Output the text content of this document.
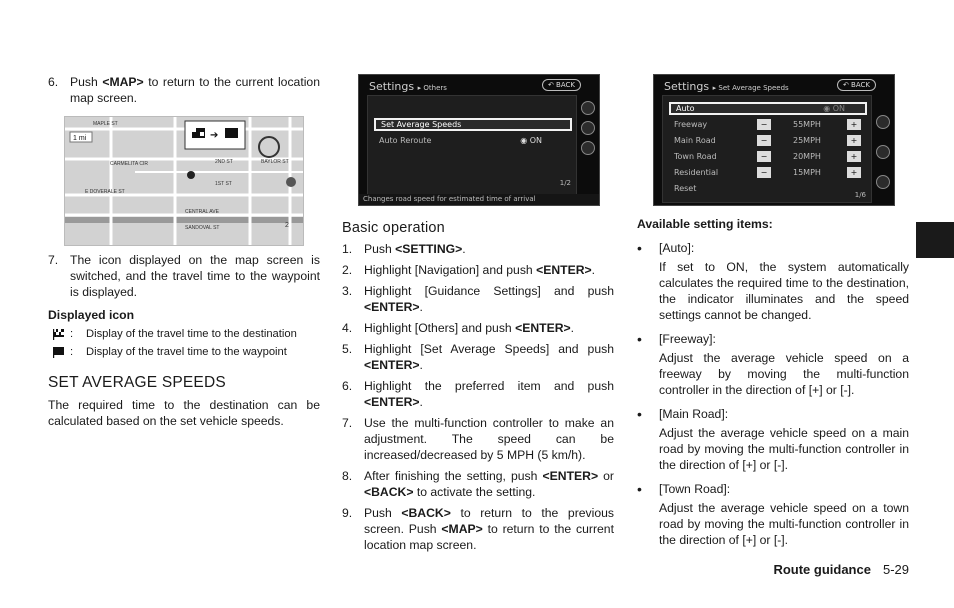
6. Push <MAP> to return to the current location map screen.
➔
1 mi
MAPLE ST
CARMELITA CIR	2ND ST	BAYLOR ST
E DOVERALE ST
CENTRAL AVE
SANDOVAL ST
1ST ST
2
7. The icon displayed on the map screen is switched, and the travel time to the waypoint is displayed.
Displayed icon
:	Display of the travel time to the destination
:	Display of the travel time to the waypoint
SET AVERAGE SPEEDS
The required time to the destination can be calculated based on the set vehicle speeds.
Settings ▸ Others	↶ BACK
Set Average Speeds
Auto Reroute	◉ ON
1/2
Changes road speed for estimated time of arrival
Basic operation
1. Push <SETTING>.
2. Highlight [Navigation] and push <ENTER>.
3. Highlight [Guidance Settings] and push <ENTER>.
4. Highlight [Others] and push <ENTER>.
5. Highlight [Set Average Speeds] and push <ENTER>.
6. Highlight the preferred item and push <ENTER>.
7. Use the multi-function controller to make an adjustment. The speed can be increased/decreased by 5 MPH (5 km/h).
8. After finishing the setting, push <ENTER> or <BACK> to activate the setting.
9. Push <BACK> to return to the previous screen. Push <MAP> to return to the current location map screen.
Settings ▸ Set Average Speeds	↶ BACK
Auto	◉ ON
Freeway	−	55MPH	+
Main Road	−	25MPH	+
Town Road	−	20MPH	+
Residential	−	15MPH	+
Reset
1/6
Available setting items:
•	[Auto]:
If set to ON, the system automatically calculates the required time to the destination, the indicator illuminates and the speed settings cannot be changed.
•	[Freeway]:
Adjust the average vehicle speed on a freeway by moving the multi-function controller in the direction of [+] or [-].
•	[Main Road]:
Adjust the average vehicle speed on a main road by moving the multi-function controller in the direction of [+] or [-].
•	[Town Road]:
Adjust the average vehicle speed on a town road by moving the multi-function controller in the direction of [+] or [-].
Route guidance 5-29
